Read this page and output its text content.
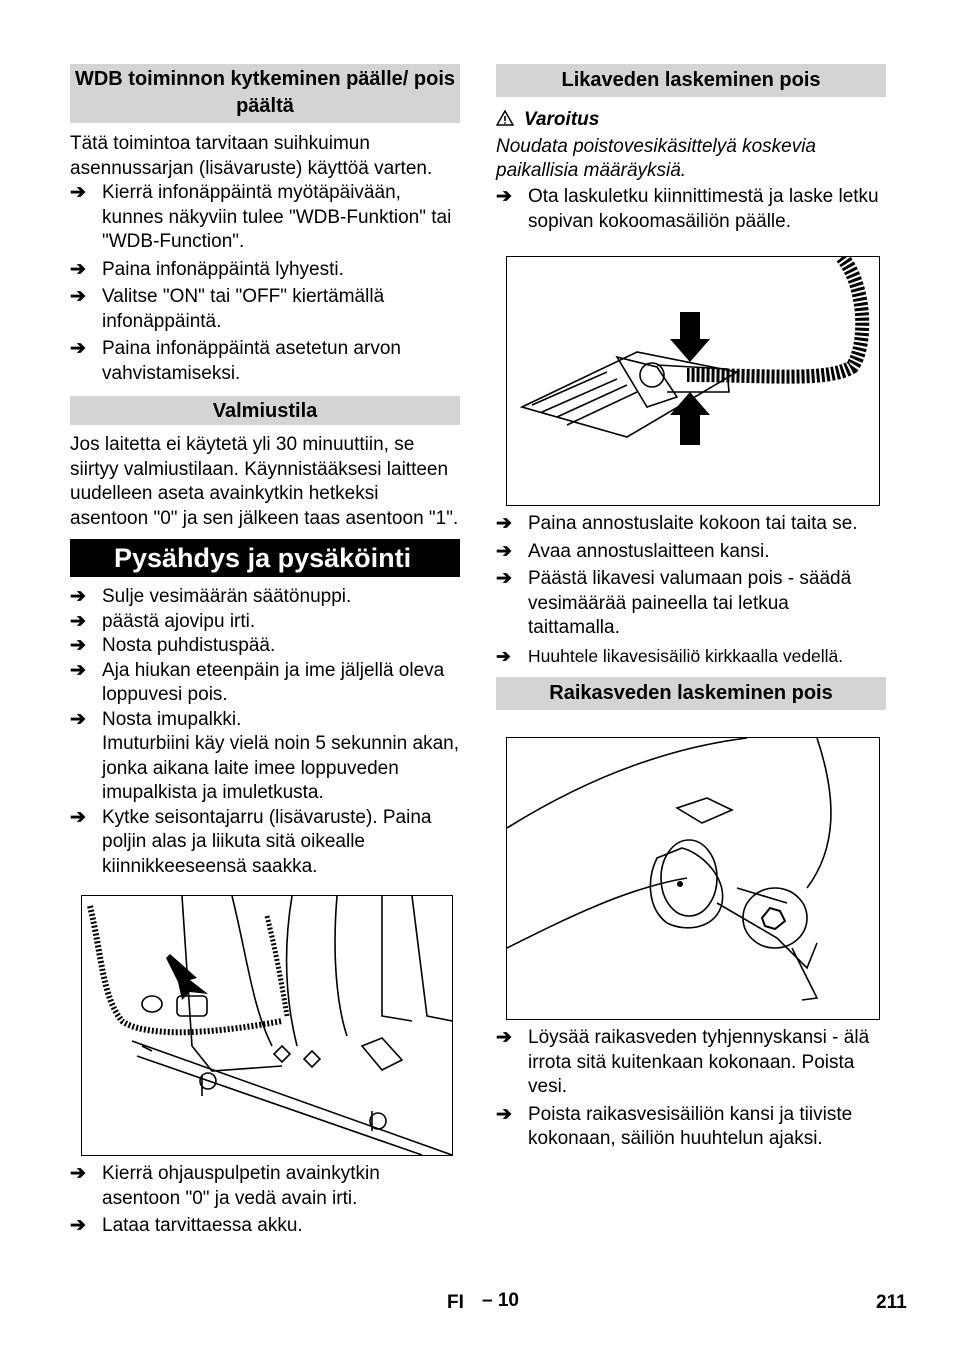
WDB toiminnon kytkeminen päälle/ pois päältä

Tätä toimintoa tarvitaan suihkuimun asennussarjan (lisävaruste) käyttöä varten.

➔ Kierrä infonäppäintä myötäpäivään, kunnes näkyviin tulee "WDB-Funktion" tai "WDB-Function".
➔ Paina infonäppäintä lyhyesti.
➔ Valitse "ON" tai "OFF" kiertämällä infonäppäintä.
➔ Paina infonäppäintä asetetun arvon vahvistamiseksi.
Valmiustila

Jos laitetta ei käytetä yli 30 minuuttiin, se siirtyy valmiustilaan. Käynnistääksesi laitteen uudelleen aseta avainkytkin hetkeksi asentoon "0" ja sen jälkeen taas asentoon "1".

Pysähdys ja pysäköinti
➔ Sulje vesimäärän säätönuppi.
➔ päästä ajovipu irti.
➔ Nosta puhdistuspää.
➔ Aja hiukan eteenpäin ja ime jäljellä oleva loppuvesi pois.
➔ Nosta imupalkki.
Imuturbiini käy vielä noin 5 sekunnin akan, jonka aikana laite imee loppuveden imupalkista ja imuletkusta.
➔ Kytke seisontajarru (lisävaruste). Paina poljin alas ja liikuta sitä oikealle kiinnikkeeseensä saakka.
➔ Kierrä ohjauspulpetin avainkytkin asentoon "0" ja vedä avain irti.
➔ Lataa tarvittaessa akku.
Likaveden laskeminen pois
Varoitus
Noudata poistovesikäsittelyä koskevia paikallisia määräyksiä.
➔ Ota laskuletku kiinnittimestä ja laske letku sopivan kokoomasäiliön päälle.
➔ Paina annostuslaite kokoon tai taita se.
➔ Avaa annostuslaitteen kansi.
➔ Päästä likavesi valumaan pois - säädä vesimäärää paineella tai letkua taittamalla.
➔ Huuhtele likavesisäiliö kirkkaalla vedellä.
Raikasveden laskeminen pois
➔ Löysää raikasveden tyhjennyskansi - älä irrota sitä kuitenkaan kokonaan. Poista vesi.
➔ Poista raikasvesisäiliön kansi ja tiiviste kokonaan, säiliön huuhtelun ajaksi.
FI – 10	211
